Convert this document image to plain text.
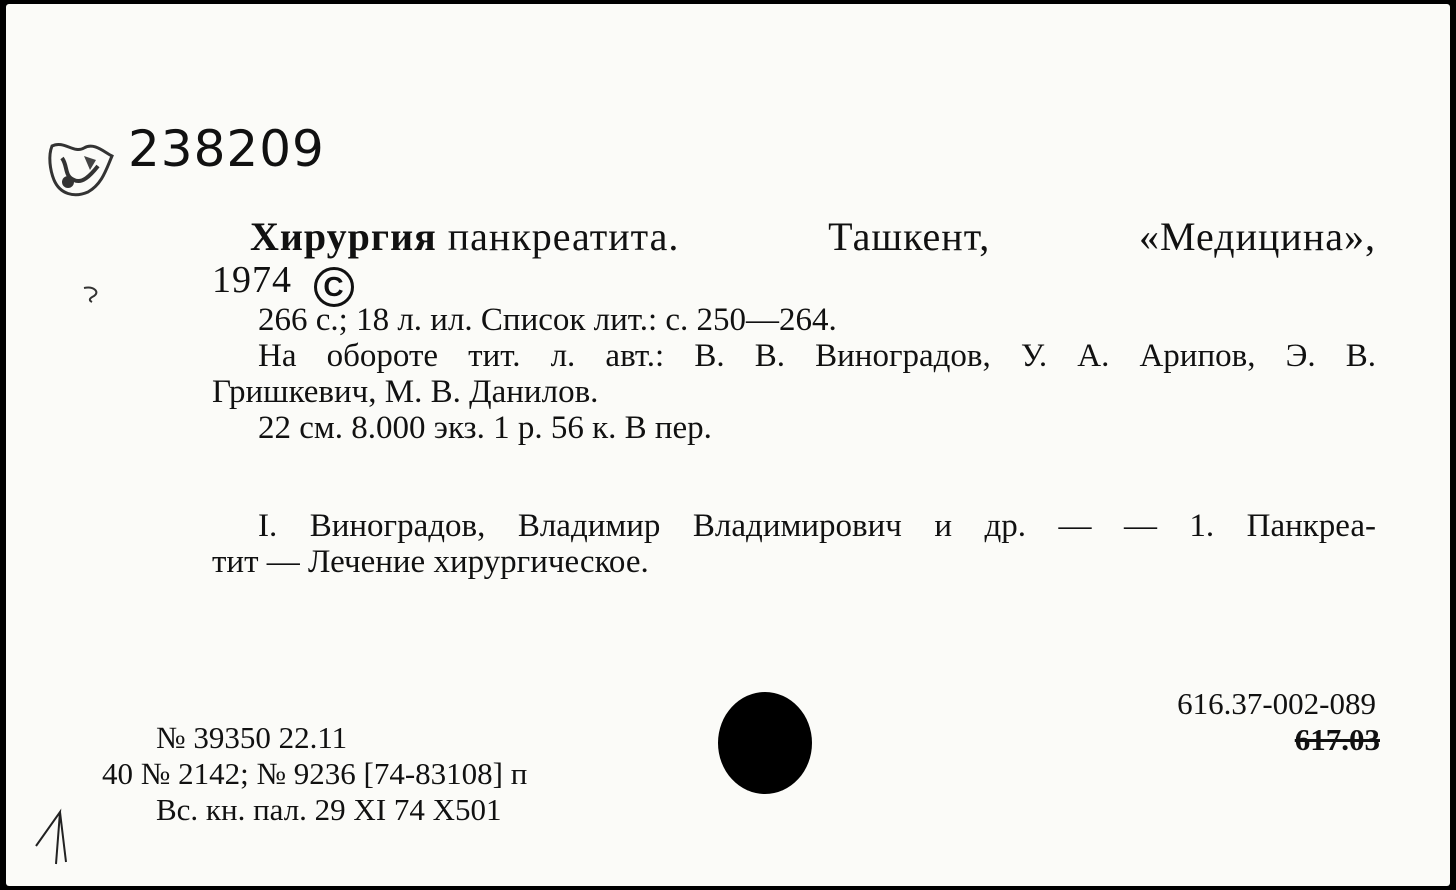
238209
Хирургия панкреатита.	Ташкент,	«Медицина»,
1974 C
266 с.; 18 л. ил. Список лит.: с. 250—264.
На обороте тит. л. авт.: В. В. Виноградов, У. А. Арипов, Э. В.
Гришкевич, М. В. Данилов.
22 см. 8.000 экз. 1 р. 56 к. В пер.
I. Виноградов, Владимир Владимирович и др. — — 1. Панкреа-
тит — Лечение хирургическое.
616.37-002-089
617.03
№ 39350 22.11
40 № 2142; № 9236 [74-83108] п
Вс. кн. пал. 29 XI 74 Х501
